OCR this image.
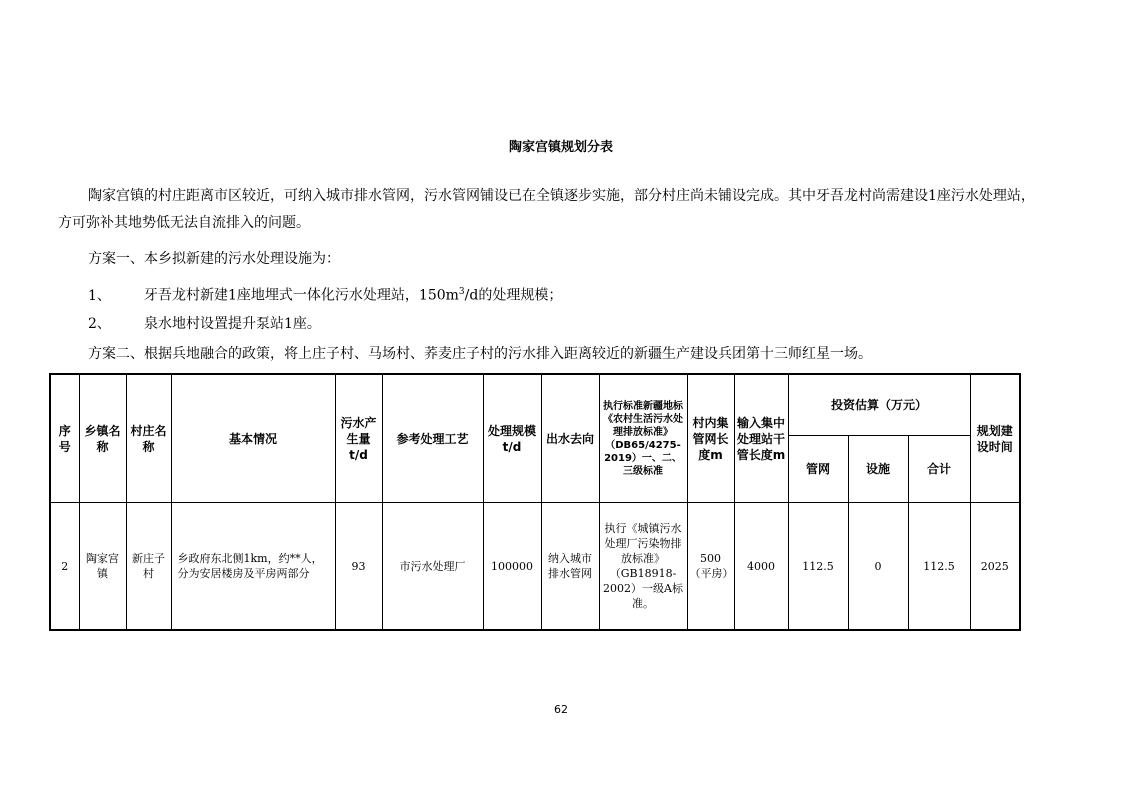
陶家宫镇规划分表

陶家宫镇的村庄距离市区较近，可纳入城市排水管网，污水管网铺设已在全镇逐步实施，部分村庄尚未铺设完成。其中牙吾龙村尚需建设1座污水处理站，方可弥补其地势低无法自流排入的问题。

方案一、本乡拟新建的污水处理设施为：

1、 牙吾龙村新建1座地埋式一体化污水处理站，$150m^3/d$的处理规模；

2、 泉水地村设置提升泵站1座。

方案二、根据兵地融合的政策，将上庄子村、马场村、荞麦庄子村的污水排入距离较近的新疆生产建设兵团第十三师红星一场。

序号	乡镇名称	村庄名称	基本情况	污水产生量t/d	参考处理工艺	处理规模t/d	出水去向	执行标准新疆地标《农村生活污水处理排放标准》（DB65/4275-2019）一、二、三级标准	村内集管网长度m	输入集中处理站干管长度m	投资估算（万元）			规划建设时间
											管网	设施	合计	
2	陶家宫镇	新庄子村	乡政府东北侧1km，约**人，分为安居楼房及平房两部分	93	市污水处理厂	100000	纳入城市排水管网	执行《城镇污水处理厂污染物排放标准》（GB18918-2002）一级A标准。	500（平房）	4000	112.5	0	112.5	2025
62
